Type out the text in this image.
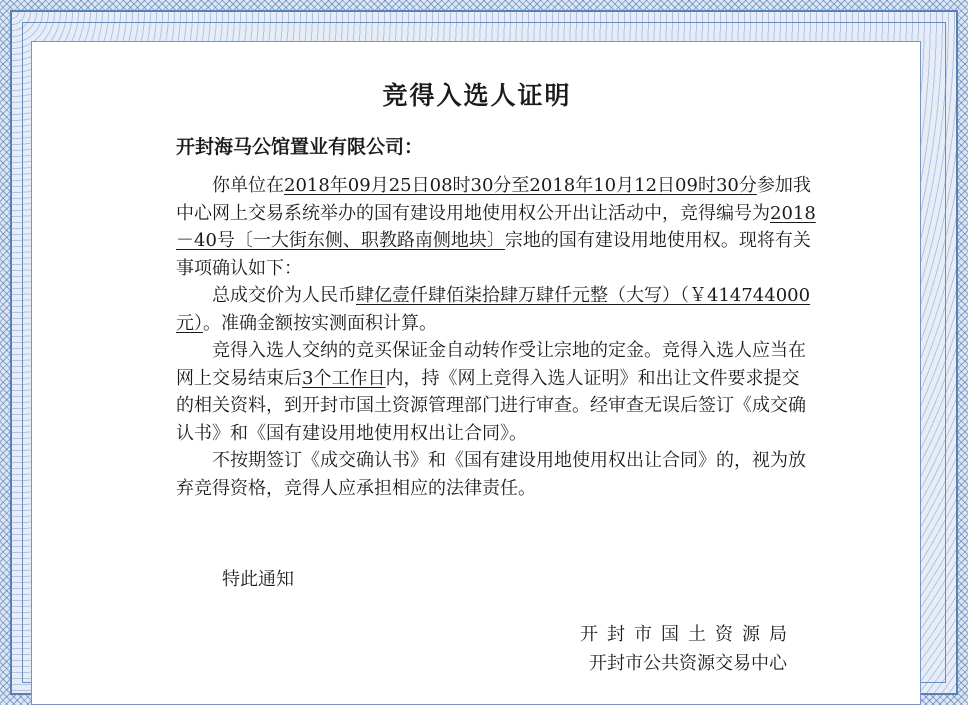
竞得入选人证明
开封海马公馆置业有限公司：

你单位在2018年09月25日08时30分至2018年10月12日09时30分参加我中心网上交易系统举办的国有建设用地使用权公开出让活动中，竞得编号为2018－40号〔一大街东侧、职教路南侧地块〕宗地的国有建设用地使用权。现将有关事项确认如下：

总成交价为人民币肆亿壹仟肆佰柒拾肆万肆仟元整（大写）（￥414744000元）。准确金额按实测面积计算。

竞得入选人交纳的竞买保证金自动转作受让宗地的定金。竞得入选人应当在网上交易结束后3个工作日内，持《网上竞得入选人证明》和出让文件要求提交的相关资料，到开封市国土资源管理部门进行审查。经审查无误后签订《成交确认书》和《国有建设用地使用权出让合同》。

不按期签订《成交确认书》和《国有建设用地使用权出让合同》的，视为放弃竞得资格，竞得人应承担相应的法律责任。

特此通知
开封市国土资源局
开封市公共资源交易中心
